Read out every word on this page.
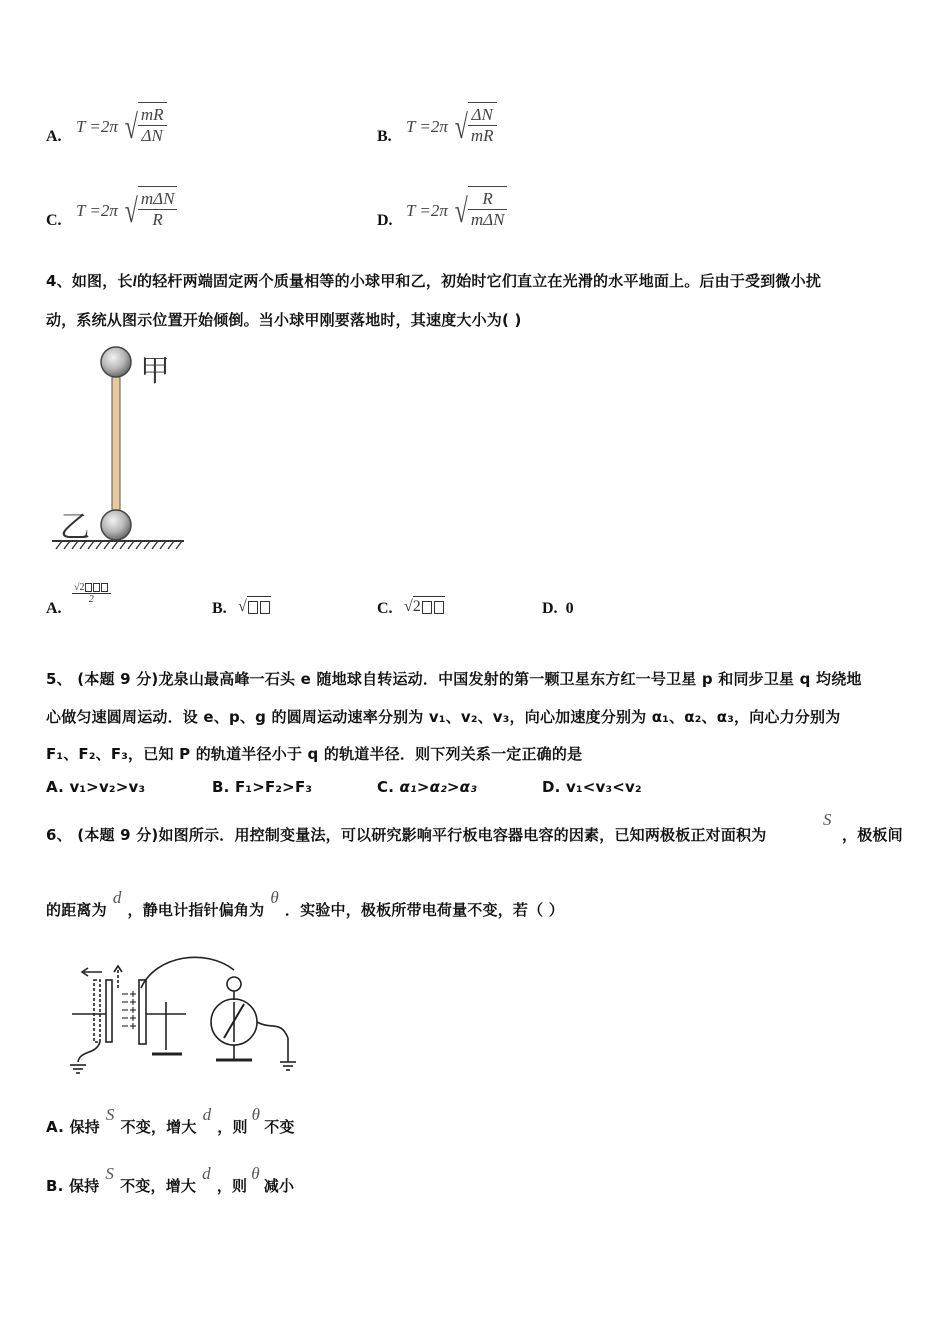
A.
T =2π √ $\frac{mR}{\Delta N}$	B.
T =2π √ $\frac{\Delta N}{mR}$
C.
T =2π √ $\frac{\text{mΔN}}{R}$	D.
T =2π √ $\frac{R}{\text{mΔN}}$
4、如图，长l的轻杆两端固定两个质量相等的小球甲和乙，初始时它们直立在光滑的水平地面上。后由于受到微小扰
动，系统从图示位置开始倾倒。当小球甲刚要落地时，其速度大小为( )
甲
乙
A.
√2
2
B. √	C. √2	D. 0
5、 (本题 9 分)龙泉山最高峰一石头 e 随地球自转运动．中国发射的第一颗卫星东方红一号卫星 p 和同步卫星 q 均绕地
心做匀速圆周运动．设 e、p、g 的圆周运动速率分别为 v₁、v₂、v₃，向心加速度分别为 α₁、α₂、α₃，向心力分别为
F₁、F₂、F₃，已知 P 的轨道半径小于 q 的轨道半径．则下列关系一定正确的是
A. v₁>v₂>v₃	B. F₁>F₂>F₃	C. α₁>α₂>α₃	D. v₁<v₃<v₂
6、 (本题 9 分)如图所示．用控制变量法，可以研究影响平行板电容器电容的因素，已知两极板正对面积为
S
，极板间
的距离为d，静电计指针偏角为θ．实验中，极板所带电荷量不变，若（ ）
A. 保持S不变，增大d，则θ不变
B. 保持S不变，增大d，则θ减小
